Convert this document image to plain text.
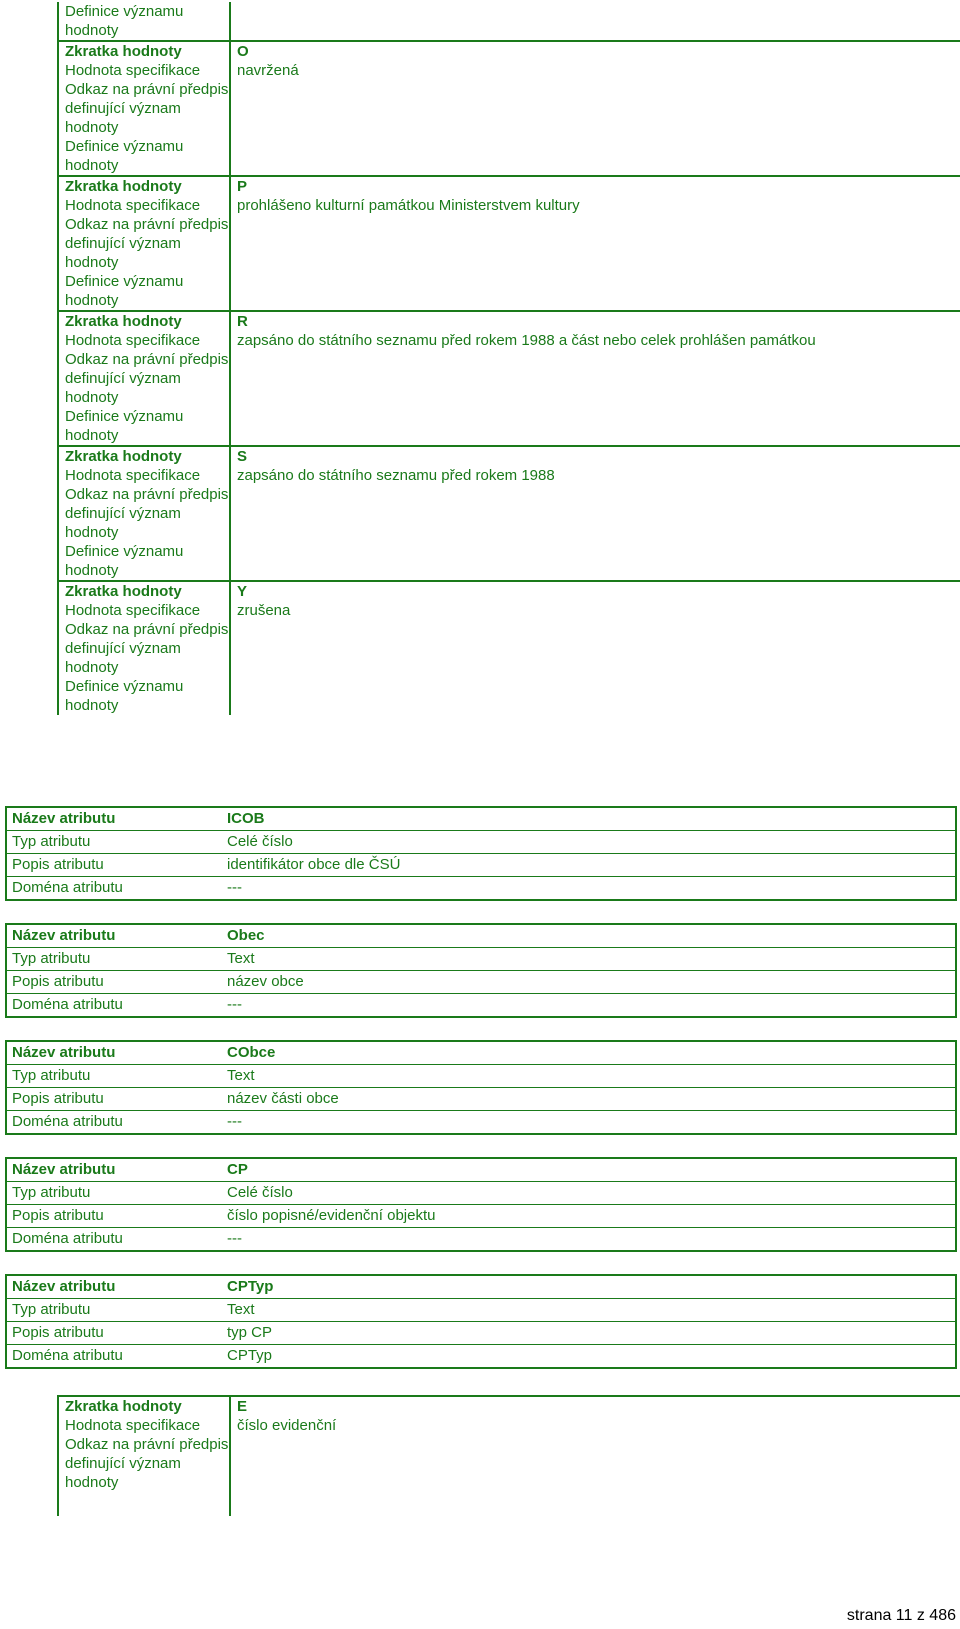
Definice významu hodnoty	
Zkratka hodnoty	O
Hodnota specifikace	navržená
Odkaz na právní předpis definující význam hodnoty	
Definice významu hodnoty	
Zkratka hodnoty	P
Hodnota specifikace	prohlášeno kulturní památkou Ministerstvem kultury
Odkaz na právní předpis definující význam hodnoty	
Definice významu hodnoty	
Zkratka hodnoty	R
Hodnota specifikace	zapsáno do státního seznamu před rokem 1988 a část nebo celek prohlášen památkou
Odkaz na právní předpis definující význam hodnoty	
Definice významu hodnoty	
Zkratka hodnoty	S
Hodnota specifikace	zapsáno do státního seznamu před rokem 1988
Odkaz na právní předpis definující význam hodnoty	
Definice významu hodnoty	
Zkratka hodnoty	Y
Hodnota specifikace	zrušena
Odkaz na právní předpis definující význam hodnoty	
Definice významu hodnoty	
Název atributu	ICOB
Typ atributu	Celé číslo
Popis atributu	identifikátor obce dle ČSÚ
Doména atributu	---
Název atributu	Obec
Typ atributu	Text
Popis atributu	název obce
Doména atributu	---
Název atributu	CObce
Typ atributu	Text
Popis atributu	název části obce
Doména atributu	---
Název atributu	CP
Typ atributu	Celé číslo
Popis atributu	číslo popisné/evidenční objektu
Doména atributu	---
Název atributu	CPTyp
Typ atributu	Text
Popis atributu	typ CP
Doména atributu	CPTyp
Zkratka hodnoty	E
Hodnota specifikace	číslo evidenční
Odkaz na právní předpis definující význam hodnoty	

strana 11 z 486
